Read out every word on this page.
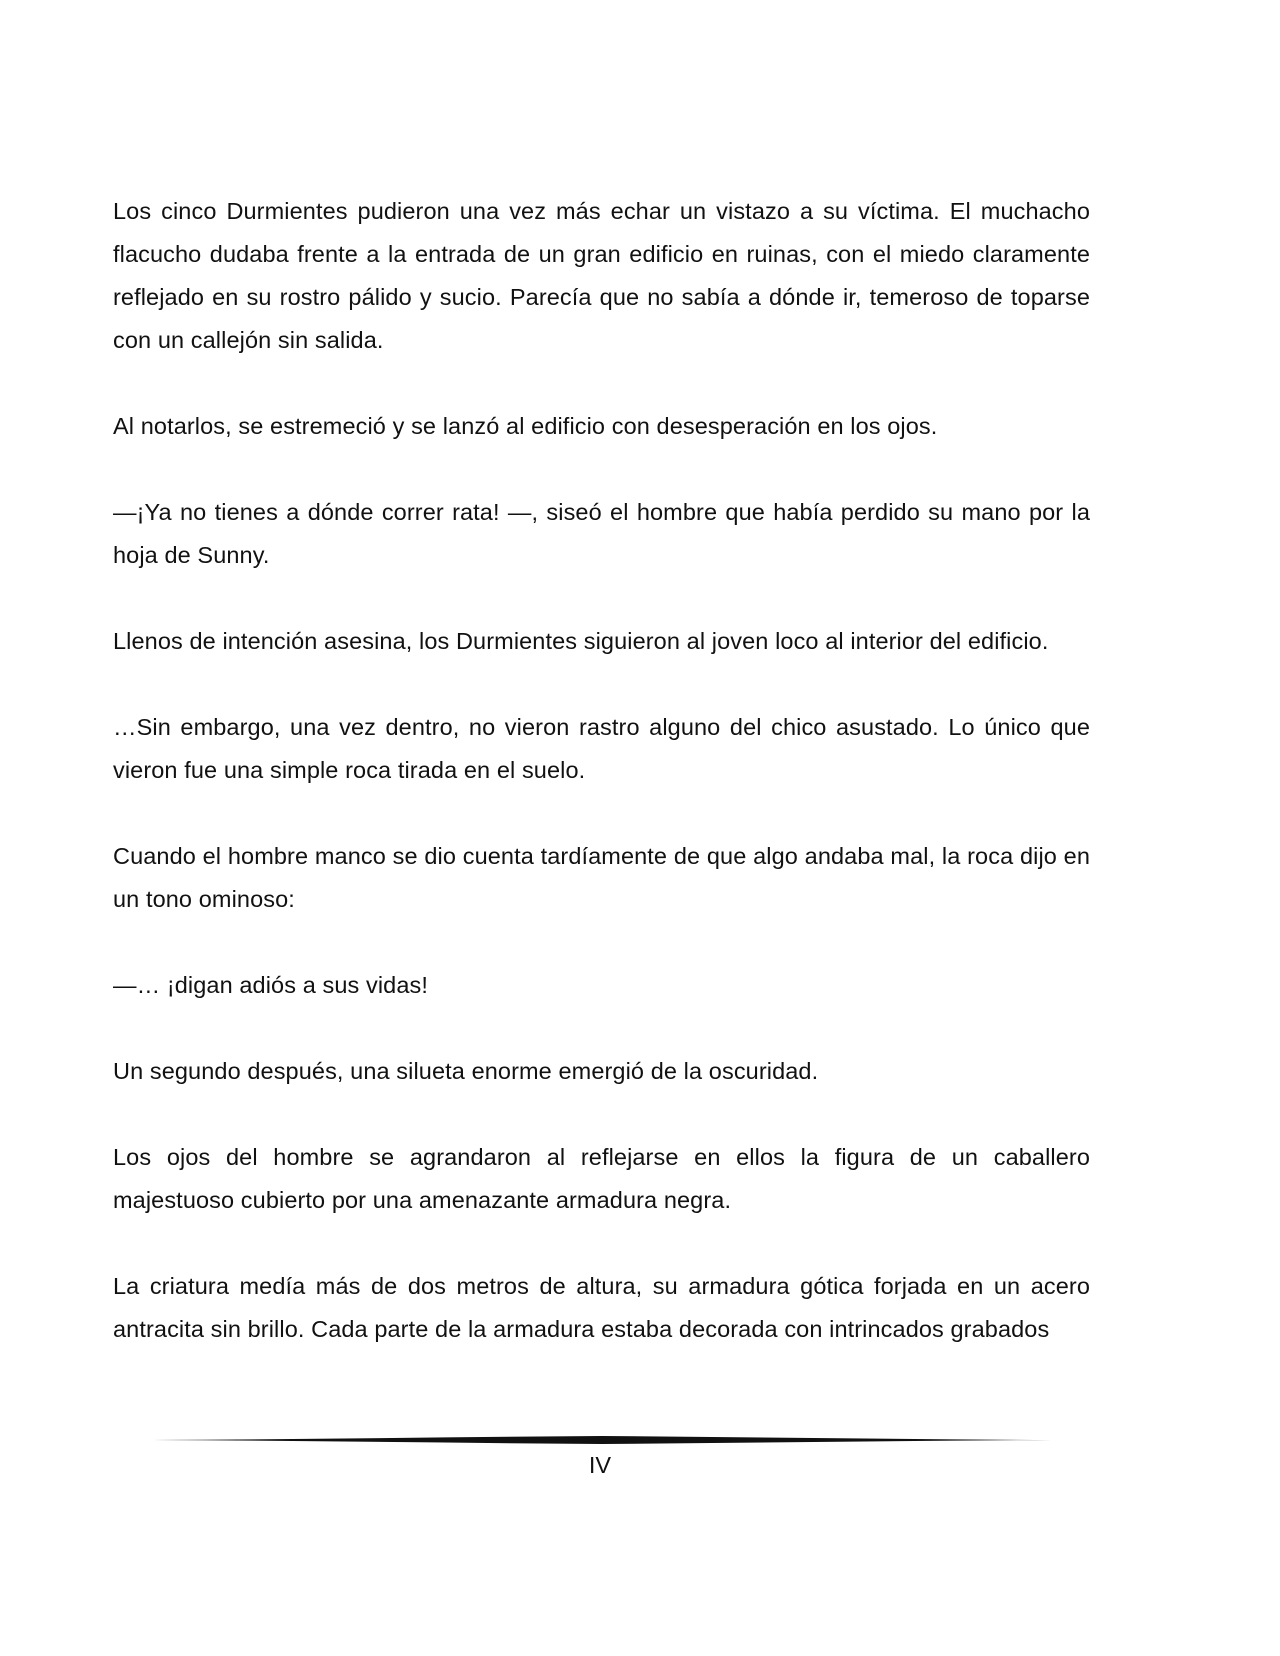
Los cinco Durmientes pudieron una vez más echar un vistazo a su víctima. El muchacho flacucho dudaba frente a la entrada de un gran edificio en ruinas, con el miedo claramente reflejado en su rostro pálido y sucio. Parecía que no sabía a dónde ir, temeroso de toparse con un callejón sin salida.

Al notarlos, se estremeció y se lanzó al edificio con desesperación en los ojos.

—¡Ya no tienes a dónde correr rata! —, siseó el hombre que había perdido su mano por la hoja de Sunny.

Llenos de intención asesina, los Durmientes siguieron al joven loco al interior del edificio.

…Sin embargo, una vez dentro, no vieron rastro alguno del chico asustado. Lo único que vieron fue una simple roca tirada en el suelo.

Cuando el hombre manco se dio cuenta tardíamente de que algo andaba mal, la roca dijo en un tono ominoso:

—… ¡digan adiós a sus vidas!

Un segundo después, una silueta enorme emergió de la oscuridad.

Los ojos del hombre se agrandaron al reflejarse en ellos la figura de un caballero majestuoso cubierto por una amenazante armadura negra.

La criatura medía más de dos metros de altura, su armadura gótica forjada en un acero antracita sin brillo. Cada parte de la armadura estaba decorada con intrincados grabados

IV
